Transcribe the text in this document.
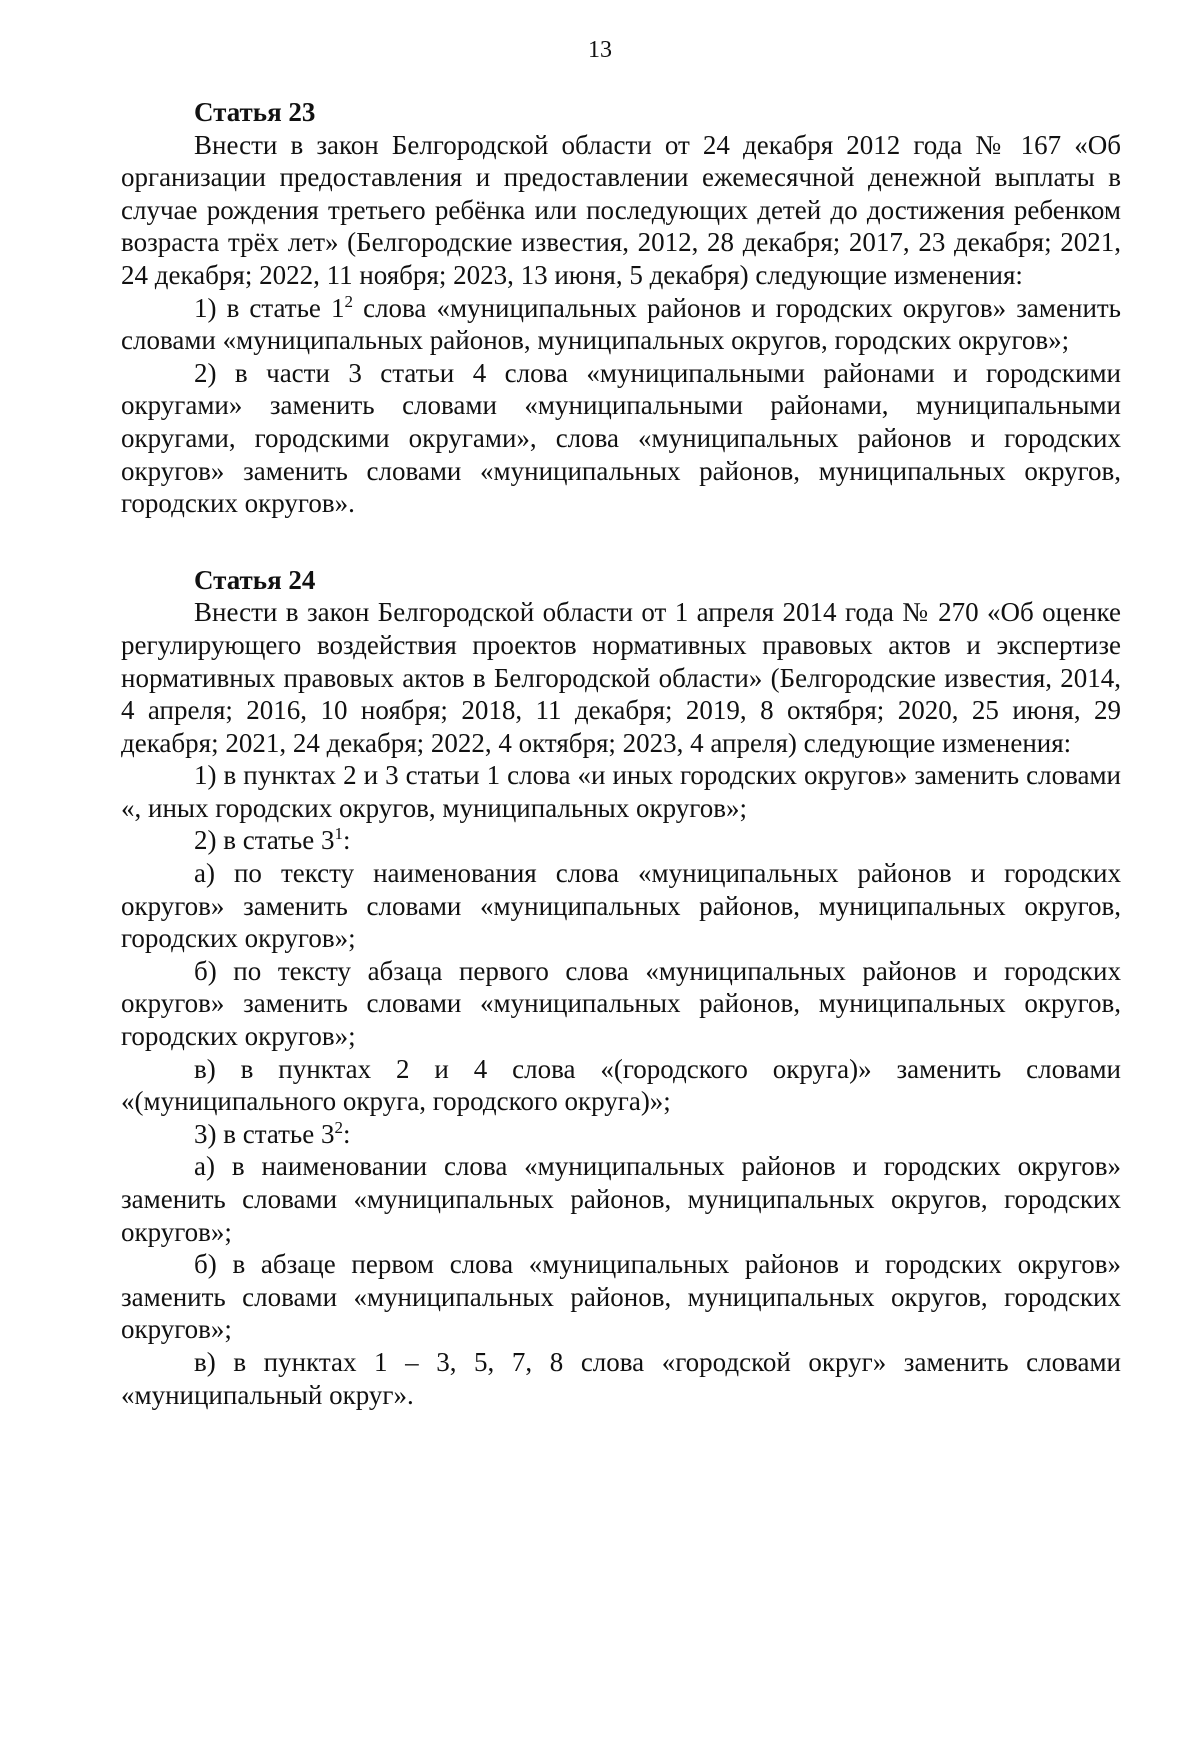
13

Статья 23

Внести в закон Белгородской области от 24 декабря 2012 года № 167 «Об организации предоставления и предоставлении ежемесячной денежной выплаты в случае рождения третьего ребёнка или последующих детей до достижения ребенком возраста трёх лет» (Белгородские известия, 2012, 28 декабря; 2017, 23 декабря; 2021, 24 декабря; 2022, 11 ноября; 2023, 13 июня, 5 декабря) следующие изменения:

1) в статье $1^2$ слова «муниципальных районов и городских округов» заменить словами «муниципальных районов, муниципальных округов, городских округов»;

2) в части 3 статьи 4 слова «муниципальными районами и городскими округами» заменить словами «муниципальными районами, муниципальными округами, городскими округами», слова «муниципальных районов и городских округов» заменить словами «муниципальных районов, муниципальных округов, городских округов».

Статья 24

Внести в закон Белгородской области от 1 апреля 2014 года № 270 «Об оценке регулирующего воздействия проектов нормативных правовых актов и экспертизе нормативных правовых актов в Белгородской области» (Белгородские известия, 2014, 4 апреля; 2016, 10 ноября; 2018, 11 декабря; 2019, 8 октября; 2020, 25 июня, 29 декабря; 2021, 24 декабря; 2022, 4 октября; 2023, 4 апреля) следующие изменения:

1) в пунктах 2 и 3 статьи 1 слова «и иных городских округов» заменить словами «, иных городских округов, муниципальных округов»;

2) в статье $3^1$:

а) по тексту наименования слова «муниципальных районов и городских округов» заменить словами «муниципальных районов, муниципальных округов, городских округов»;

б) по тексту абзаца первого слова «муниципальных районов и городских округов» заменить словами «муниципальных районов, муниципальных округов, городских округов»;

в) в пунктах 2 и 4 слова «(городского округа)» заменить словами «(муниципального округа, городского округа)»;

3) в статье $3^2$:

а) в наименовании слова «муниципальных районов и городских округов» заменить словами «муниципальных районов, муниципальных округов, городских округов»;

б) в абзаце первом слова «муниципальных районов и городских округов» заменить словами «муниципальных районов, муниципальных округов, городских округов»;

в) в пунктах 1 – 3, 5, 7, 8 слова «городской округ» заменить словами «муниципальный округ».
